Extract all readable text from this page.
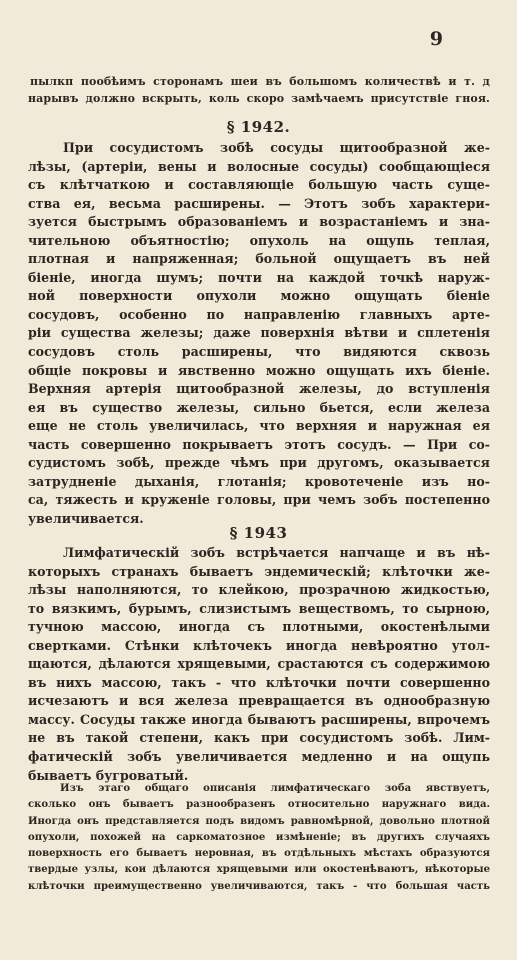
9
пылкп пообѣимъ сторонамъ шеи въ большомъ количествѣ и т. д
нарывъ должно вскрыть, коль скоро замѣчаемъ присутствіе гноя.
§ 1942.
При сосудистомъ зобѣ сосуды щитообразной же-
лѣзы, (артеріи, вены и волосные сосуды) сообщающіеся
съ клѣтчаткою и составляющіе большую часть суще-
ства ея, весьма расширены. — Этотъ зобъ характери-
зуется быстрымъ образованіемъ и возрастаніемъ и зна-
чительною объятностію; опухоль на ощупь теплая,
плотная и напряженная; больной ощущаетъ въ ней
біеніе, иногда шумъ; почти на каждой точкѣ наруж-
ной поверхности опухоли можно ощущать біеніе
сосудовъ, особенно по направленію главныхъ арте-
ріи существа железы; даже поверхнія вѣтви и сплетенія
сосудовъ столь расширены, что видяются сквозь
общіе покровы и явственно можно ощущать ихъ біеніе.
Верхняя артерія щитообразной железы, до вступленія
ея въ существо железы, сильно бьется, если железа
еще не столь увеличилась, что верхняя и наружная ея
часть совершенно покрываетъ этотъ сосудъ. — При со-
судистомъ зобѣ, прежде чѣмъ при другомъ, оказывается
затрудненіе дыханія, глотанія; кровотеченіе изъ но-
са, тяжесть и круженіе головы, при чемъ зобъ постепенно
увеличивается.
§ 1943
Лимфатическій зобъ встрѣчается напчаще и въ нѣ-
которыхъ странахъ бываетъ эндемическій; клѣточки же-
лѣзы наполняются, то клейкою, прозрачною жидкостью,
то вязкимъ, бурымъ, слизистымъ веществомъ, то сырною,
тучною массою, иногда съ плотными, окостенѣлыми
свертками. Стѣнки клѣточекъ иногда невѣроятно утол-
щаются, дѣлаются хрящевыми, срастаются съ содержимою
въ нихъ массою, такъ - что клѣточки почти совершенно
исчезаютъ и вся железа превращается въ однообразную
массу. Сосуды также иногда бываютъ расширены, впрочемъ
не въ такой степени, какъ при сосудистомъ зобѣ. Лим-
фатическій зобъ увеличивается медленно и на ощупь
бываетъ бугроватый.
Изъ этаго общаго описанія лимфатическаго зоба явствуетъ,
сколько онъ бываетъ разнообразенъ относительно наружнаго вида.
Иногда онъ представляется подъ видомъ равномѣрной, довольно плотной
опухоли, похожей на саркоматозное измѣненіе; въ другихъ случаяхъ
поверхность его бываетъ неровная, въ отдѣльныхъ мѣстахъ образуются
твердые узлы, кои дѣлаются хрящевыми или окостенѣваютъ, нѣкоторые
клѣточки преимущественно увеличиваются, такъ - что большая часть
